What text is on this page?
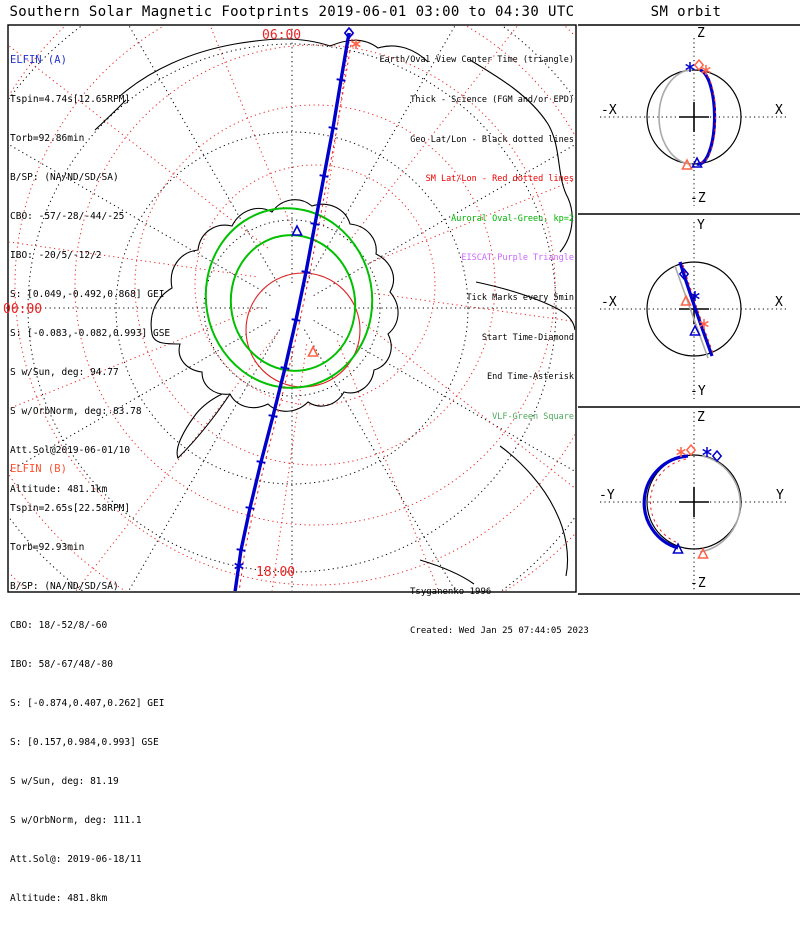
Southern Solar Magnetic Footprints 2019-06-01 03:00 to 04:30 UTC	SM orbit
06:00
00:00
18:00

ELFIN (A)

Tspin=4.74s[12.65RPM]

Torb=92.86min

B/SP: (NA/ND/SD/SA)

CBO: -57/-28/-44/-25

IBO: -20/5/-12/2

S: [0.049,-0.492,0.868] GEI

S: [-0.083,-0.082,0.993] GSE

S w/Sun, deg: 94.77

S w/OrbNorm, deg: 83.78

Att.Sol@2019-06-01/10

Altitude: 481.1km

ELFIN (B)

Tspin=2.65s[22.58RPM]

Torb=92.93min

B/SP: (NA/ND/SD/SA)

CBO: 18/-52/8/-60

IBO: 58/-67/48/-80

S: [-0.874,0.407,0.262] GEI

S: [0.157,0.984,0.993] GSE

S w/Sun, deg: 81.19

S w/OrbNorm, deg: 111.1

Att.Sol@: 2019-06-18/11

Altitude: 481.8km

Earth/Oval View Center Time (triangle)

Thick - Science (FGM and/or EPD)

Geo Lat/Lon - Black dotted lines

SM Lat/Lon - Red dotted lines

Auroral Oval-Green, kp=2

EISCAT-Purple Triangle

Tick Marks every 5min

Start Time-Diamond

End Time-Asterisk

VLF-Green Square

Tsyganenko-1996

Created: Wed Jan 25 07:44:05 2023

Z
-Z
-X	X
Y
-Y
-X	X
Z
-Z
-Y	Y
